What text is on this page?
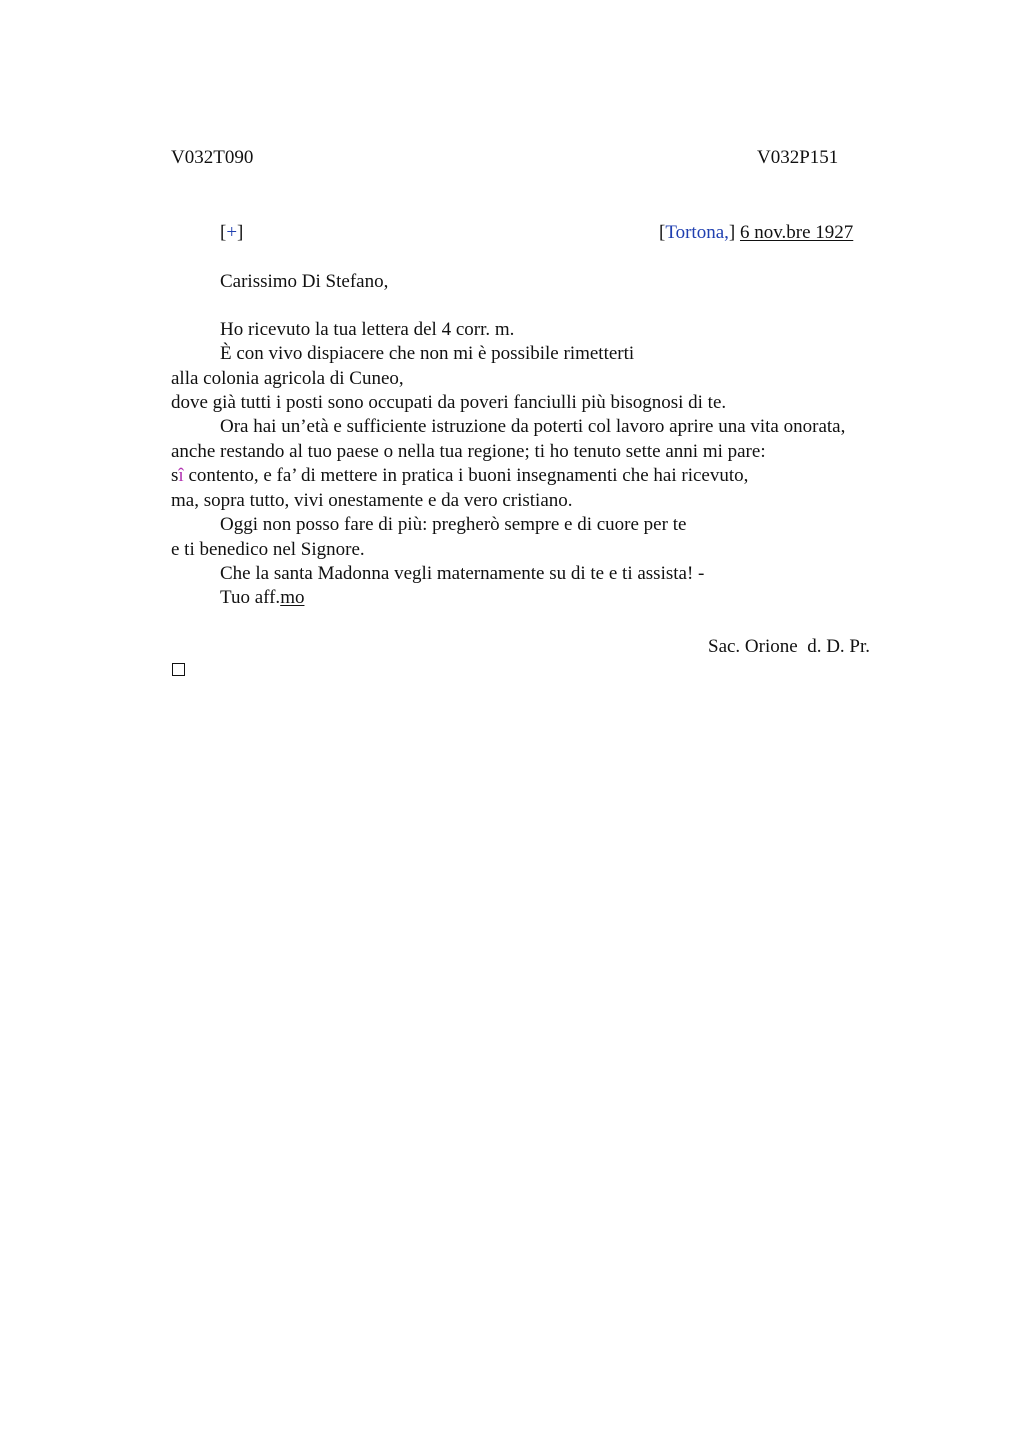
V032T090	V032P151
[+]	[Tortona,] 6 nov.bre 1927
Carissimo Di Stefano,
Ho ricevuto la tua lettera del 4 corr. m.
È con vivo dispiacere che non mi è possibile rimetterti
alla colonia agricola di Cuneo,
dove già tutti i posti sono occupati da poveri fanciulli più bisognosi di te.
Ora hai un’età e sufficiente istruzione da poterti col lavoro aprire una vita onorata,
anche restando al tuo paese o nella tua regione; ti ho tenuto sette anni mi pare:
sî contento, e fa’ di mettere in pratica i buoni insegnamenti che hai ricevuto,
ma, sopra tutto, vivi onestamente e da vero cristiano.
Oggi non posso fare di più: pregherò sempre e di cuore per te
e ti benedico nel Signore.
Che la santa Madonna vegli maternamente su di te e ti assista! -
Tuo aff.mo
Sac. Orione  d. D. Pr.
